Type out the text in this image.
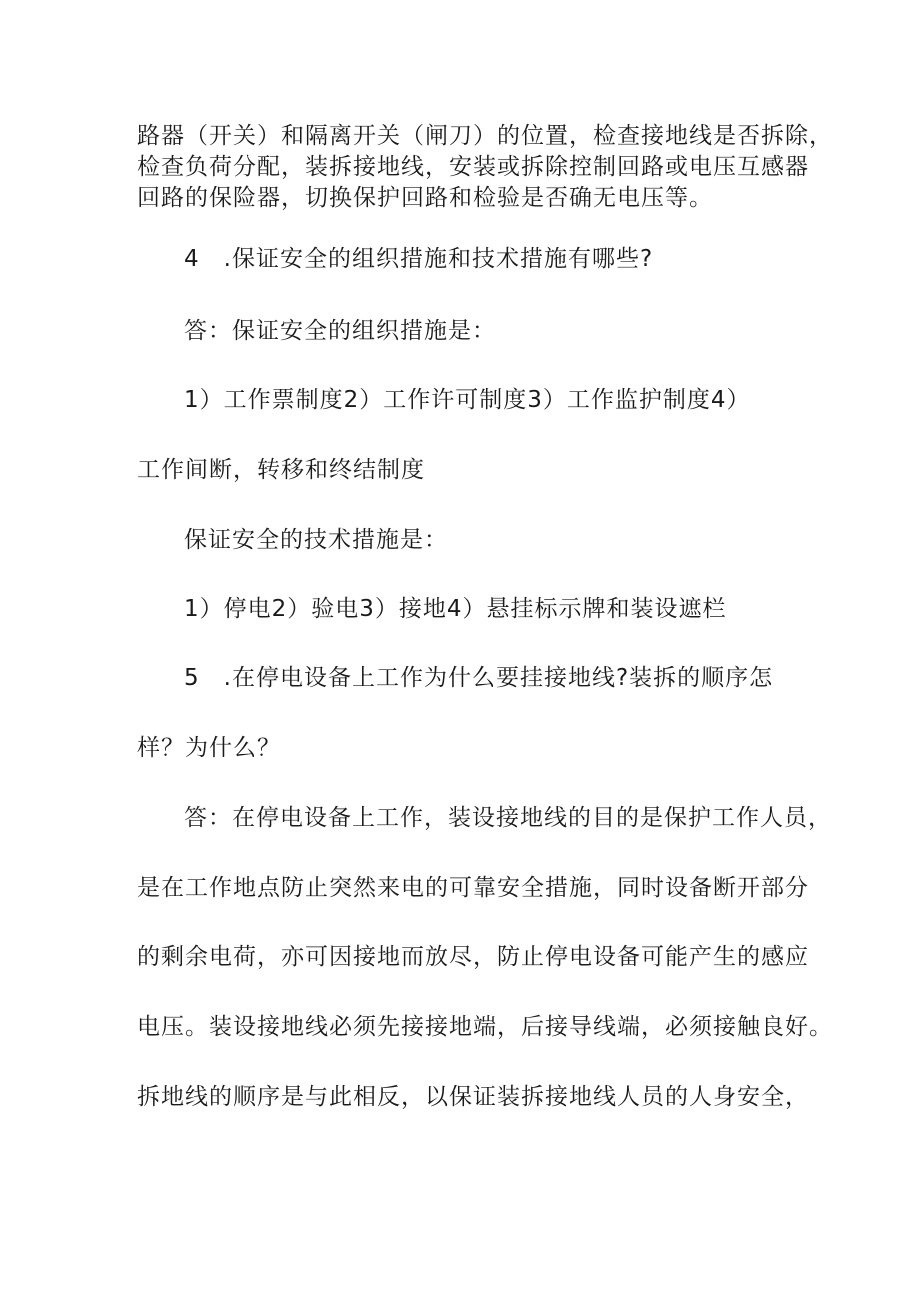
路器（开关）和隔离开关（闸刀）的位置，检查接地线是否拆除，
检查负荷分配，装拆接地线，安装或拆除控制回路或电压互感器
回路的保险器，切换保护回路和检验是否确无电压等。
4　.保证安全的组织措施和技术措施有哪些?
答：保证安全的组织措施是：
1）工作票制度2）工作许可制度3）工作监护制度4）
工作间断，转移和终结制度
保证安全的技术措施是：
1）停电2）验电3）接地4）悬挂标示牌和装设遮栏
5　.在停电设备上工作为什么要挂接地线?装拆的顺序怎
样？为什么？
答：在停电设备上工作，装设接地线的目的是保护工作人员，
是在工作地点防止突然来电的可靠安全措施，同时设备断开部分
的剩余电荷，亦可因接地而放尽，防止停电设备可能产生的感应
电压。装设接地线必须先接接地端，后接导线端，必须接触良好。
拆地线的顺序是与此相反，以保证装拆接地线人员的人身安全，
